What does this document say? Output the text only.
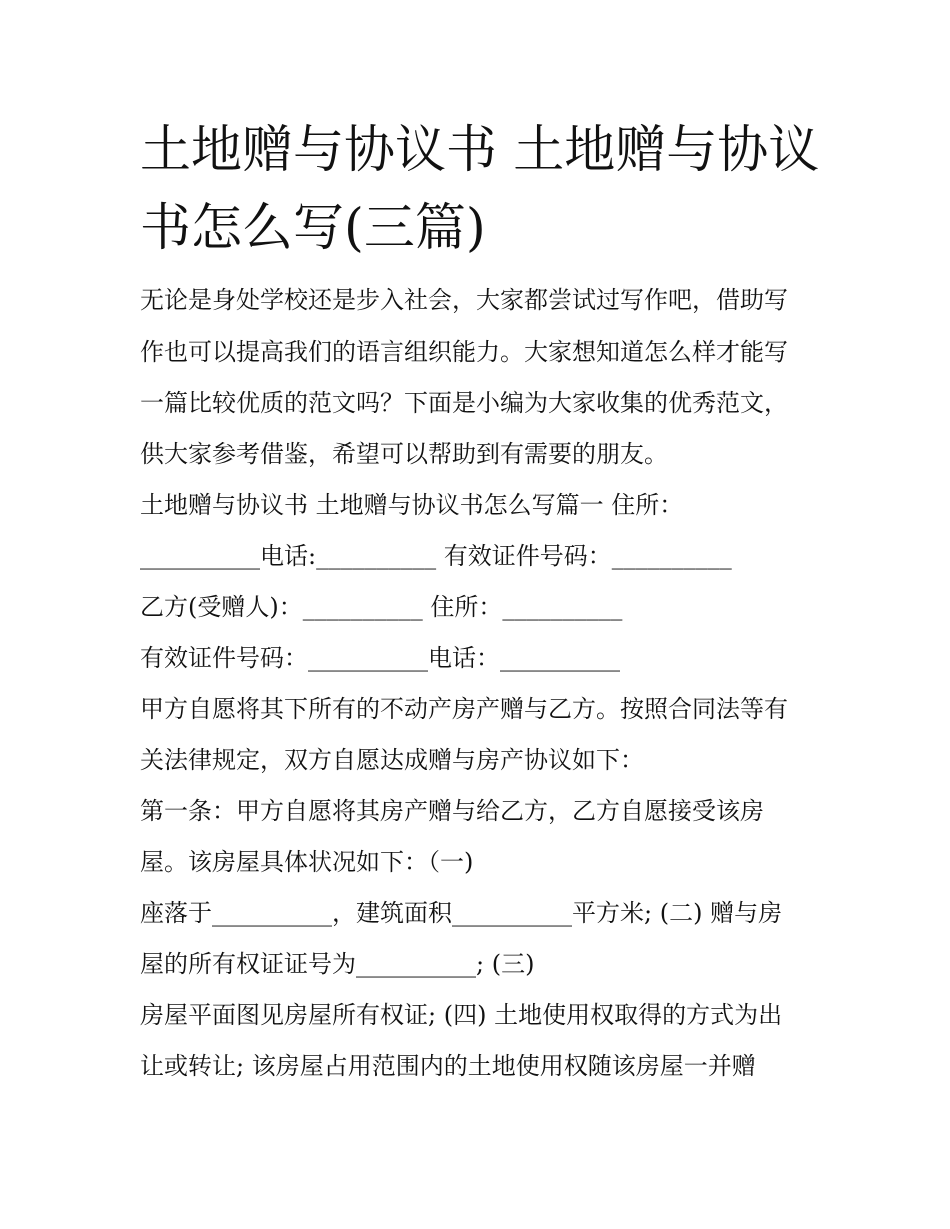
土地赠与协议书 土地赠与协议
书怎么写(三篇)

无论是身处学校还是步入社会，大家都尝试过写作吧，借助写

作也可以提高我们的语言组织能力。大家想知道怎么样才能写

一篇比较优质的范文吗？下面是小编为大家收集的优秀范文，

供大家参考借鉴，希望可以帮助到有需要的朋友。

土地赠与协议书 土地赠与协议书怎么写篇一 住所：

__________电话:__________ 有效证件号码：__________

乙方(受赠人)：__________ 住所：__________

有效证件号码：__________电话：__________

甲方自愿将其下所有的不动产房产赠与乙方。按照合同法等有

关法律规定，双方自愿达成赠与房产协议如下：

第一条：甲方自愿将其房产赠与给乙方，乙方自愿接受该房

屋。该房屋具体状况如下：（一)

座落于__________，建筑面积__________平方米; (二) 赠与房

屋的所有权证证号为__________; (三)

房屋平面图见房屋所有权证; (四) 土地使用权取得的方式为出

让或转让; 该房屋占用范围内的土地使用权随该房屋一并赠
